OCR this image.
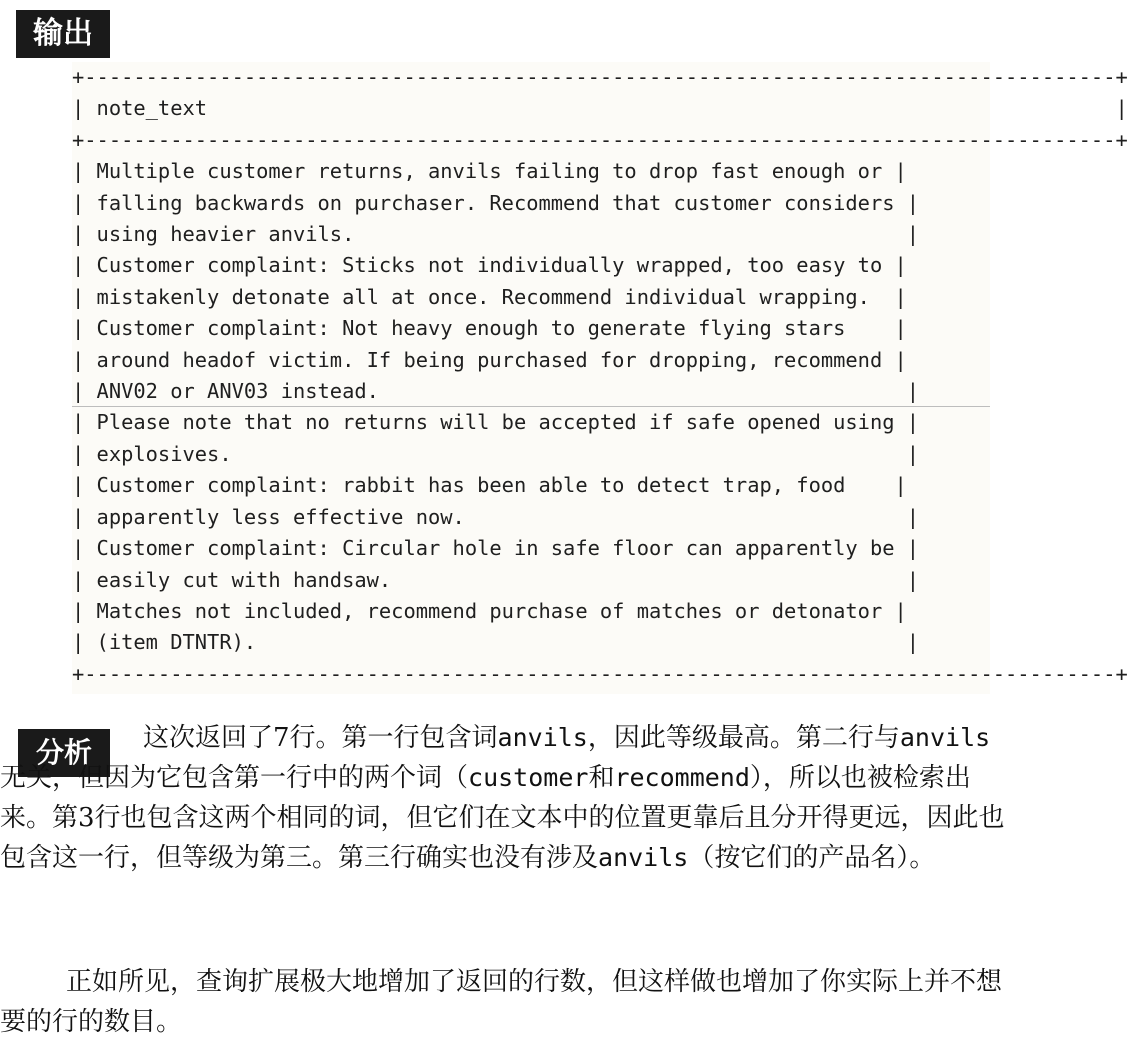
输出
+------------------------------------------------------------------------------------+
| note_text                                                                          |
+------------------------------------------------------------------------------------+
| Multiple customer returns, anvils failing to drop fast enough or |
| falling backwards on purchaser. Recommend that customer considers |
| using heavier anvils.                                             |
| Customer complaint: Sticks not individually wrapped, too easy to |
| mistakenly detonate all at once. Recommend individual wrapping.  |
| Customer complaint: Not heavy enough to generate flying stars    |
| around headof victim. If being purchased for dropping, recommend |
| ANV02 or ANV03 instead.                                           |
| Please note that no returns will be accepted if safe opened using |
| explosives.                                                       |
| Customer complaint: rabbit has been able to detect trap, food    |
| apparently less effective now.                                    |
| Customer complaint: Circular hole in safe floor can apparently be |
| easily cut with handsaw.                                          |
| Matches not included, recommend purchase of matches or detonator |
| (item DTNTR).                                                     |
+------------------------------------------------------------------------------------+
分析	这次返回了7行。第一行包含词anvils，因此等级最高。第二行与anvils无关，但因为它包含第一行中的两个词（customer和recommend），所以也被检索出来。第3行也包含这两个相同的词，但它们在文本中的位置更靠后且分开得更远，因此也包含这一行，但等级为第三。第三行确实也没有涉及anvils（按它们的产品名）。
正如所见，查询扩展极大地增加了返回的行数，但这样做也增加了你实际上并不想要的行的数目。
